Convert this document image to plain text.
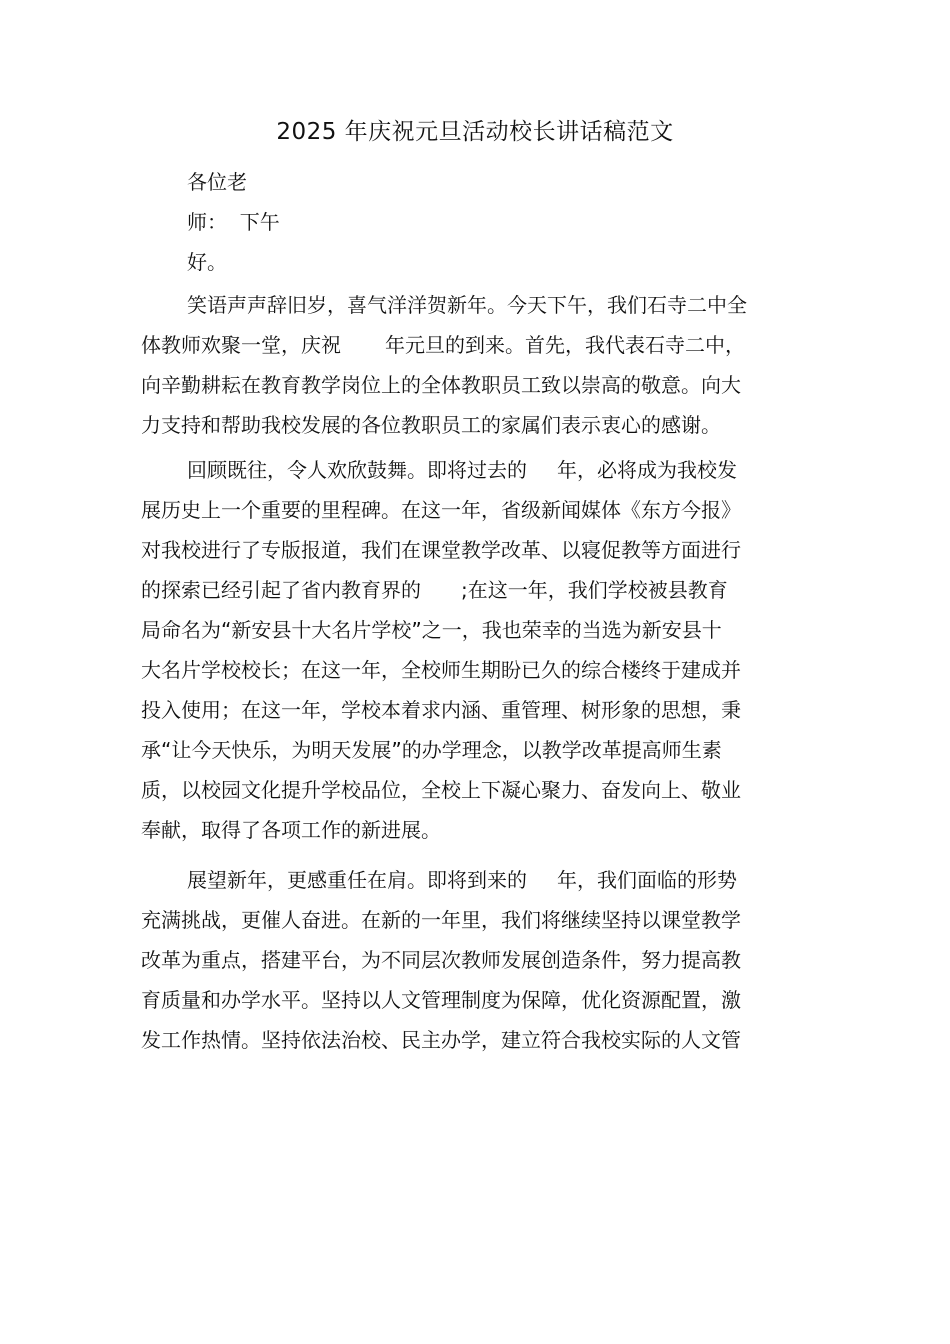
2025 年庆祝元旦活动校长讲话稿范文

各位老

师：  下午

好。

笑语声声辞旧岁，喜气洋洋贺新年。今天下午，我们石寺二中全

体教师欢聚一堂，庆祝 年元旦的到来。首先，我代表石寺二中，

向辛勤耕耘在教育教学岗位上的全体教职员工致以崇高的敬意。向大

力支持和帮助我校发展的各位教职员工的家属们表示衷心的感谢。

回顾既往，令人欢欣鼓舞。即将过去的 年，必将成为我校发

展历史上一个重要的里程碑。在这一年，省级新闻媒体《东方今报》

对我校进行了专版报道，我们在课堂教学改革、以寝促教等方面进行

的探索已经引起了省内教育界的 ;在这一年，我们学校被县教育

局命名为“新安县十大名片学校”之一，我也荣幸的当选为新安县十

大名片学校校长；在这一年，全校师生期盼已久的综合楼终于建成并

投入使用；在这一年，学校本着求内涵、重管理、树形象的思想，秉

承“让今天快乐，为明天发展”的办学理念，以教学改革提高师生素

质，以校园文化提升学校品位，全校上下凝心聚力、奋发向上、敬业

奉献，取得了各项工作的新进展。

展望新年，更感重任在肩。即将到来的 年，我们面临的形势

充满挑战，更催人奋进。在新的一年里，我们将继续坚持以课堂教学

改革为重点，搭建平台，为不同层次教师发展创造条件，努力提高教

育质量和办学水平。坚持以人文管理制度为保障，优化资源配置，激

发工作热情。坚持依法治校、民主办学，建立符合我校实际的人文管
